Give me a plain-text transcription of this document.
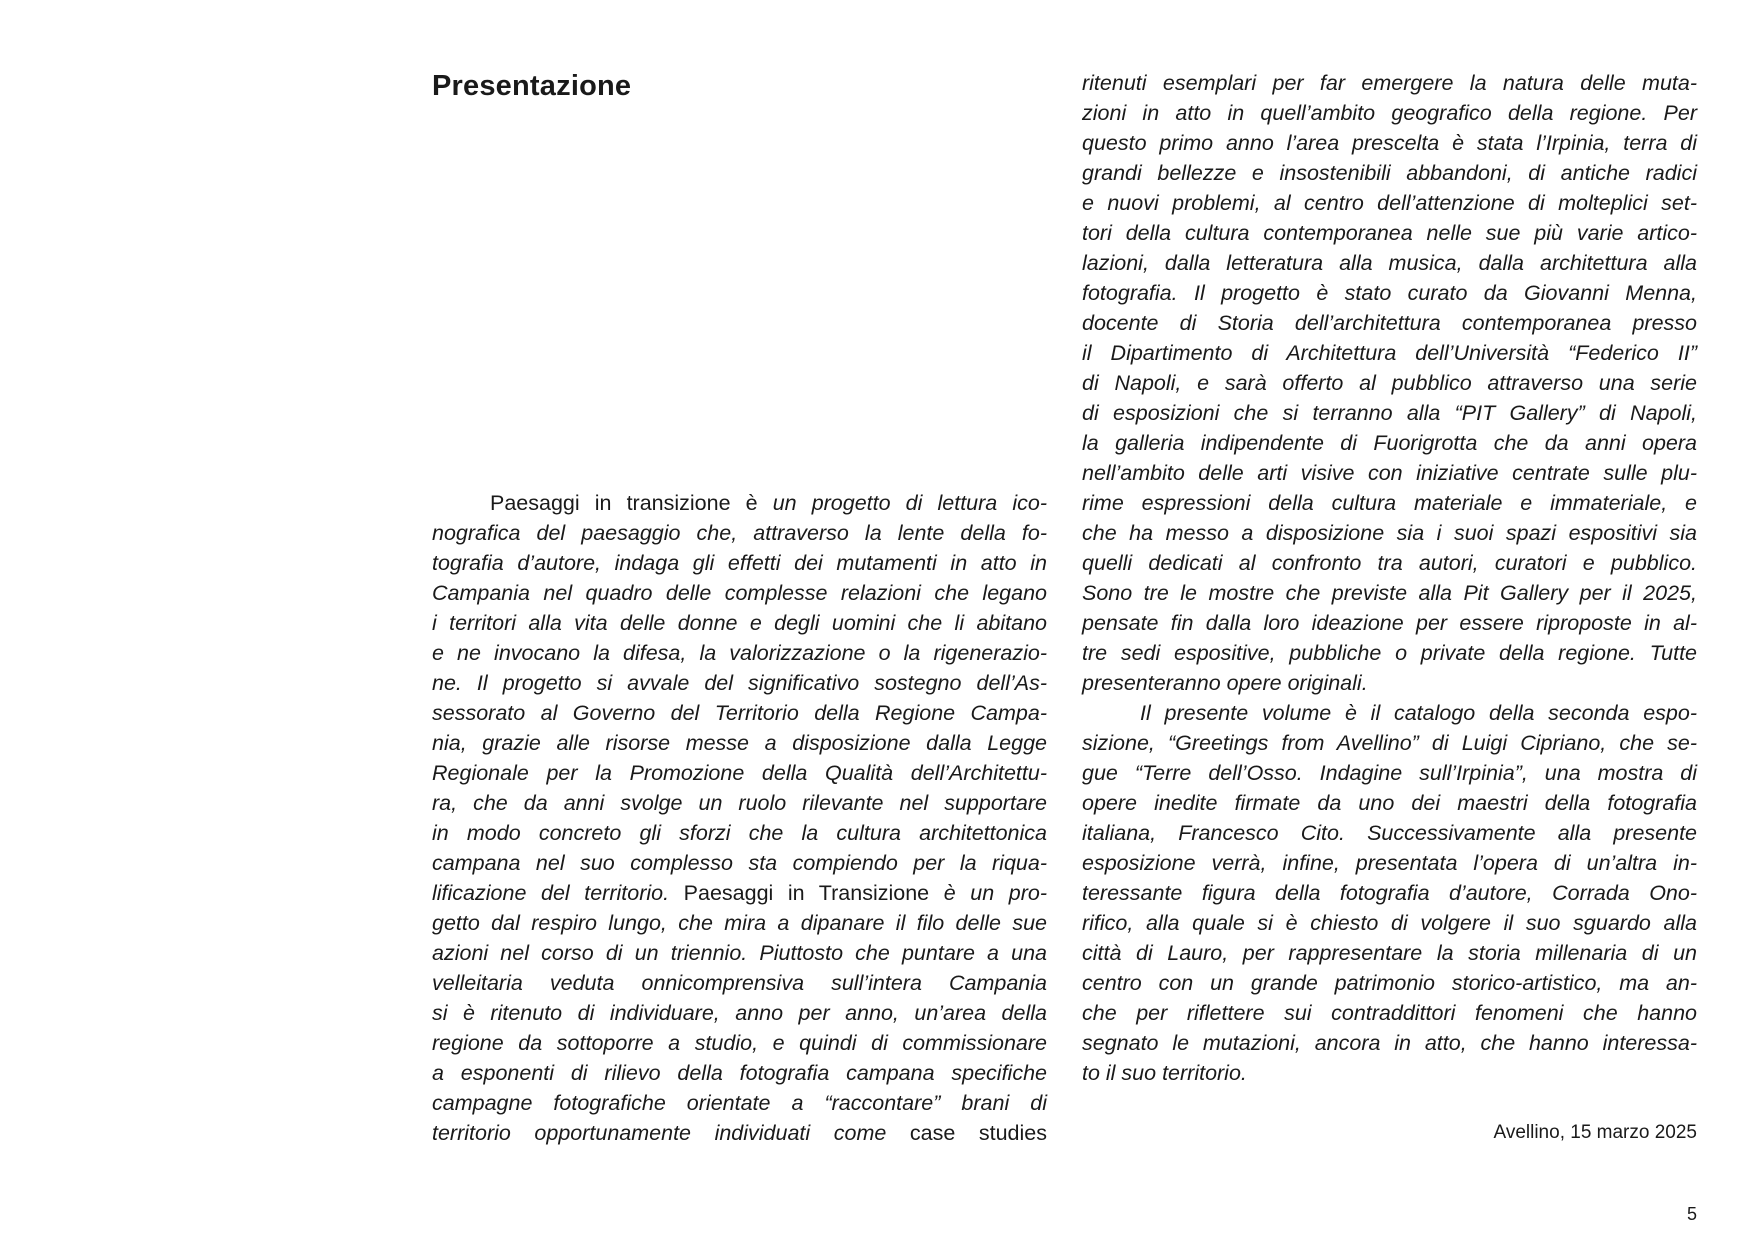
Presentazione
Paesaggi in transizione è un progetto di lettura ico-
nografica del paesaggio che, attraverso la lente della fo-
tografia d’autore, indaga gli effetti dei mutamenti in atto in
Campania nel quadro delle complesse relazioni che legano
i territori alla vita delle donne e degli uomini che li abitano
e ne invocano la difesa, la valorizzazione o la rigenerazio-
ne. Il progetto si avvale del significativo sostegno dell’As-
sessorato al Governo del Territorio della Regione Campa-
nia, grazie alle risorse messe a disposizione dalla Legge
Regionale per la Promozione della Qualità dell’Architettu-
ra, che da anni svolge un ruolo rilevante nel supportare
in modo concreto gli sforzi che la cultura architettonica
campana nel suo complesso sta compiendo per la riqua-
lificazione del territorio. Paesaggi in Transizione è un pro-
getto dal respiro lungo, che mira a dipanare il filo delle sue
azioni nel corso di un triennio. Piuttosto che puntare a una
velleitaria veduta onnicomprensiva sull’intera Campania
si è ritenuto di individuare, anno per anno, un’area della
regione da sottoporre a studio, e quindi di commissionare
a esponenti di rilievo della fotografia campana specifiche
campagne fotografiche orientate a “raccontare” brani di
territorio opportunamente individuati come case studies
ritenuti esemplari per far emergere la natura delle muta-
zioni in atto in quell’ambito geografico della regione. Per
questo primo anno l’area prescelta è stata l’Irpinia, terra di
grandi bellezze e insostenibili abbandoni, di antiche radici
e nuovi problemi, al centro dell’attenzione di molteplici set-
tori della cultura contemporanea nelle sue più varie artico-
lazioni, dalla letteratura alla musica, dalla architettura alla
fotografia. Il progetto è stato curato da Giovanni Menna,
docente di Storia dell’architettura contemporanea presso
il Dipartimento di Architettura dell’Università “Federico II”
di Napoli, e sarà offerto al pubblico attraverso una serie
di esposizioni che si terranno alla “PIT Gallery” di Napoli,
la galleria indipendente di Fuorigrotta che da anni opera
nell’ambito delle arti visive con iniziative centrate sulle plu-
rime espressioni della cultura materiale e immateriale, e
che ha messo a disposizione sia i suoi spazi espositivi sia
quelli dedicati al confronto tra autori, curatori e pubblico.
Sono tre le mostre che previste alla Pit Gallery per il 2025,
pensate fin dalla loro ideazione per essere riproposte in al-
tre sedi espositive, pubbliche o private della regione. Tutte
presenteranno opere originali.
Il presente volume è il catalogo della seconda espo-
sizione, “Greetings from Avellino” di Luigi Cipriano, che se-
gue “Terre dell’Osso. Indagine sull’Irpinia”, una mostra di
opere inedite firmate da uno dei maestri della fotografia
italiana, Francesco Cito. Successivamente alla presente
esposizione verrà, infine, presentata l’opera di un’altra in-
teressante figura della fotografia d’autore, Corrada Ono-
rifico, alla quale si è chiesto di volgere il suo sguardo alla
città di Lauro, per rappresentare la storia millenaria di un
centro con un grande patrimonio storico-artistico, ma an-
che per riflettere sui contraddittori fenomeni che hanno
segnato le mutazioni, ancora in atto, che hanno interessa-
to il suo territorio.
Avellino, 15 marzo 2025
5
